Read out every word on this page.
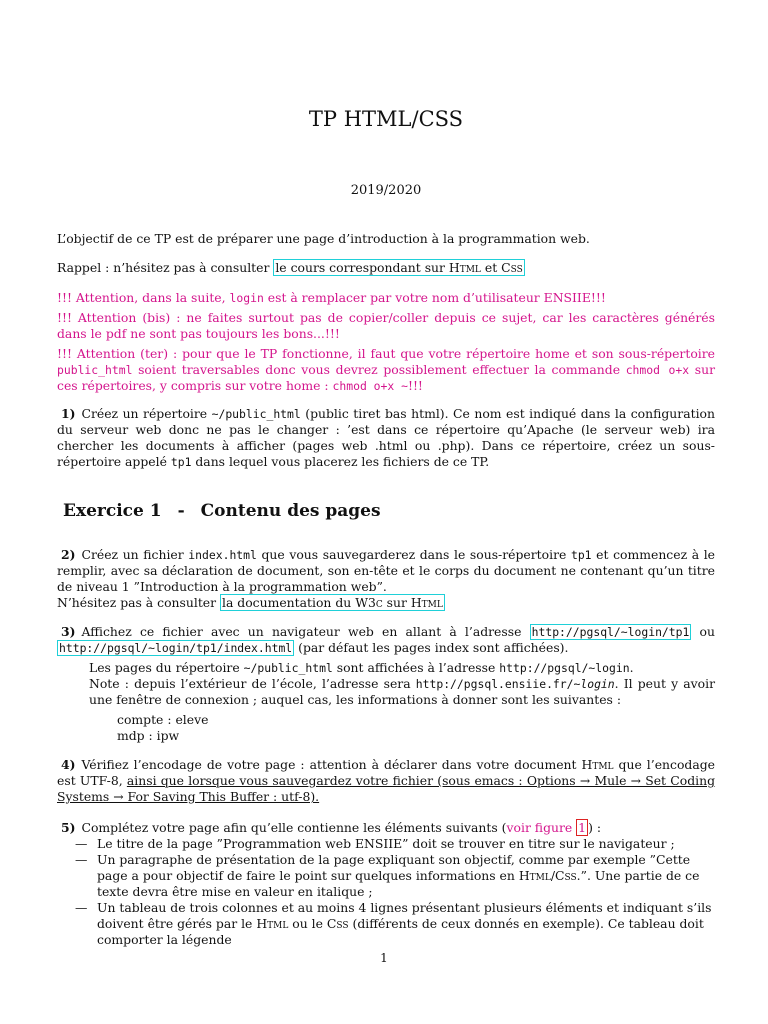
TP HTML/CSS
2019/2020

L’objectif de ce TP est de préparer une page d’introduction à la programmation web.

Rappel : n’hésitez pas à consulter le cours correspondant sur Html et Css

!!! Attention, dans la suite, login est à remplacer par votre nom d’utilisateur ENSIIE!!!

!!! Attention (bis) : ne faites surtout pas de copier/coller depuis ce sujet, car les caractères générés dans le pdf ne sont pas toujours les bons...!!!

!!! Attention (ter) : pour que le TP fonctionne, il faut que votre répertoire home et son sous-répertoire public_html soient traversables donc vous devrez possiblement effectuer la commande chmod o+x sur ces répertoires, y compris sur votre home : chmod o+x ~!!!

1) Créez un répertoire ~/public_html (public tiret bas html). Ce nom est indiqué dans la configuration du serveur web donc ne pas le changer : ’est dans ce répertoire qu’Apache (le serveur web) ira chercher les documents à afficher (pages web .html ou .php). Dans ce répertoire, créez un sous-répertoire appelé tp1 dans lequel vous placerez les fichiers de ce TP.

Exercice 1 - Contenu des pages

2) Créez un fichier index.html que vous sauvegarderez dans le sous-répertoire tp1 et commencez à le remplir, avec sa déclaration de document, son en-tête et le corps du document ne contenant qu’un titre de niveau 1 ”Introduction à la programmation web”.

N’hésitez pas à consulter la documentation du W3c sur Html

3) Affichez ce fichier avec un navigateur web en allant à l’adresse http://pgsql/~login/tp1 ou http://pgsql/~login/tp1/index.html (par défaut les pages index sont affichées).

Les pages du répertoire ~/public_html sont affichées à l’adresse http://pgsql/~login.

Note : depuis l’extérieur de l’école, l’adresse sera http://pgsql.ensiie.fr/~login. Il peut y avoir une fenêtre de connexion ; auquel cas, les informations à donner sont les suivantes :

compte : eleve
mdp : ipw

4) Vérifiez l’encodage de votre page : attention à déclarer dans votre document Html que l’encodage est UTF-8, ainsi que lorsque vous sauvegardez votre fichier (sous emacs : Options → Mule → Set Coding Systems → For Saving This Buffer : utf-8).

5) Complétez votre page afin qu’elle contienne les éléments suivants (voir figure 1 ) :

— Le titre de la page ”Programmation web ENSIIE” doit se trouver en titre sur le navigateur ;
— Un paragraphe de présentation de la page expliquant son objectif, comme par exemple ”Cette page a pour objectif de faire le point sur quelques informations en Html/Css.”. Une partie de ce texte devra être mise en valeur en italique ;
— Un tableau de trois colonnes et au moins 4 lignes présentant plusieurs éléments et indiquant s’ils doivent être gérés par le Html ou le Css (différents de ceux donnés en exemple). Ce tableau doit comporter la légende
1
